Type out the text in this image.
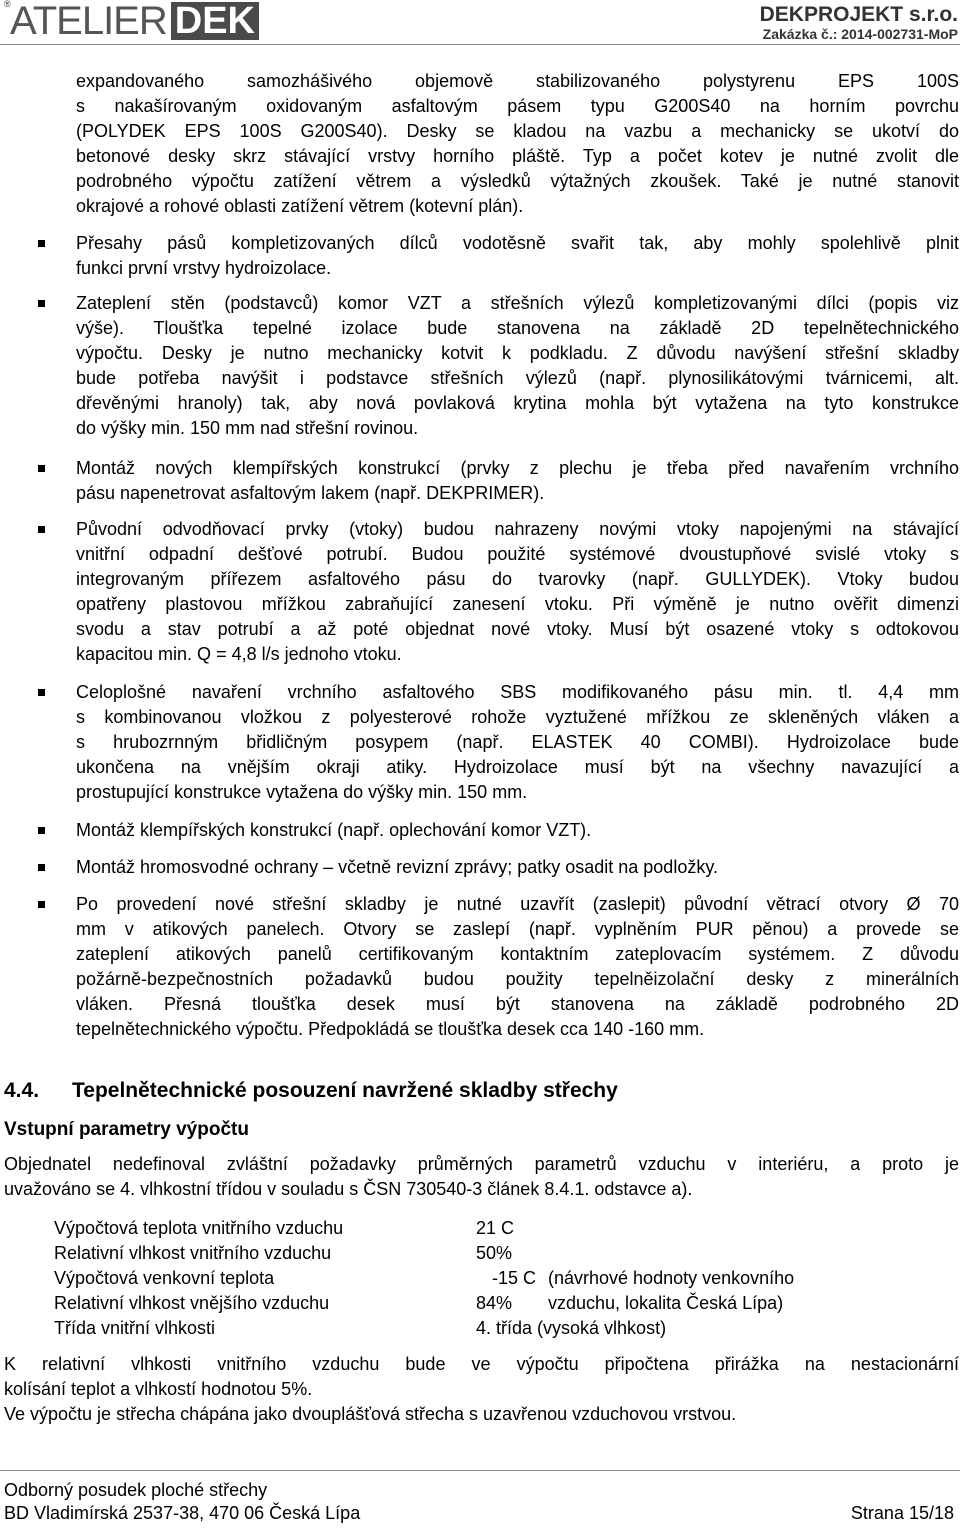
® ATELIER DEK	DEKPROJEKT s.r.o.
Zakázka č.: 2014-002731-MoP
expandovaného samozhášivého objemově stabilizovaného polystyrenu EPS 100S
s nakašírovaným oxidovaným asfaltovým pásem typu G200S40 na horním povrchu
(POLYDEK EPS 100S G200S40). Desky se kladou na vazbu a mechanicky se ukotví do
betonové desky skrz stávající vrstvy horního pláště. Typ a počet kotev je nutné zvolit dle
podrobného výpočtu zatížení větrem a výsledků výtažných zkoušek. Také je nutné stanovit
okrajové a rohové oblasti zatížení větrem (kotevní plán).
Přesahy pásů kompletizovaných dílců vodotěsně svařit tak, aby mohly spolehlivě plnit
funkci první vrstvy hydroizolace.
Zateplení stěn (podstavců) komor VZT a střešních výlezů kompletizovanými dílci (popis viz
výše). Tloušťka tepelné izolace bude stanovena na základě 2D tepelnětechnického
výpočtu. Desky je nutno mechanicky kotvit k podkladu. Z důvodu navýšení střešní skladby
bude potřeba navýšit i podstavce střešních výlezů (např. plynosilikátovými tvárnicemi, alt.
dřevěnými hranoly) tak, aby nová povlaková krytina mohla být vytažena na tyto konstrukce
do výšky min. 150 mm nad střešní rovinou.
Montáž nových klempířských konstrukcí (prvky z plechu je třeba před navařením vrchního
pásu napenetrovat asfaltovým lakem (např. DEKPRIMER).
Původní odvodňovací prvky (vtoky) budou nahrazeny novými vtoky napojenými na stávající
vnitřní odpadní dešťové potrubí. Budou použité systémové dvoustupňové svislé vtoky s
integrovaným přířezem asfaltového pásu do tvarovky (např. GULLYDEK). Vtoky budou
opatřeny plastovou mřížkou zabraňující zanesení vtoku. Při výměně je nutno ověřit dimenzi
svodu a stav potrubí a až poté objednat nové vtoky. Musí být osazené vtoky s odtokovou
kapacitou min. Q = 4,8 l/s jednoho vtoku.
Celoplošné navaření vrchního asfaltového SBS modifikovaného pásu min. tl. 4,4 mm
s kombinovanou vložkou z polyesterové rohože vyztužené mřížkou ze skleněných vláken a
s hrubozrnným břidličným posypem (např. ELASTEK 40 COMBI). Hydroizolace bude
ukončena na vnějším okraji atiky. Hydroizolace musí být na všechny navazující a
prostupující konstrukce vytažena do výšky min. 150 mm.
Montáž klempířských konstrukcí (např. oplechování komor VZT).
Montáž hromosvodné ochrany – včetně revizní zprávy; patky osadit na podložky.
Po provedení nové střešní skladby je nutné uzavřít (zaslepit) původní větrací otvory Ø 70
mm v atikových panelech. Otvory se zaslepí (např. vyplněním PUR pěnou) a provede se
zateplení atikových panelů certifikovaným kontaktním zateplovacím systémem. Z důvodu
požárně-bezpečnostních požadavků budou použity tepelněizolační desky z minerálních
vláken. Přesná tloušťka desek musí být stanovena na základě podrobného 2D
tepelnětechnického výpočtu. Předpokládá se tloušťka desek cca 140 -160 mm.
4.4. Tepelnětechnické posouzení navržené skladby střechy
Vstupní parametry výpočtu
Objednatel nedefinoval zvláštní požadavky průměrných parametrů vzduchu v interiéru, a proto je
uvažováno se 4. vlhkostní třídou v souladu s ČSN 730540-3 článek 8.4.1. odstavce a).
Výpočtová teplota vnitřního vzduchu	21 C
Relativní vlhkost vnitřního vzduchu	50%
Výpočtová venkovní teplota	-15 C (návrhové hodnoty venkovního
Relativní vlhkost vnějšího vzduchu	84%	vzduchu, lokalita Česká Lípa)
Třída vnitřní vlhkosti	4. třída (vysoká vlhkost)
K relativní vlhkosti vnitřního vzduchu bude ve výpočtu připočtena přirážka na nestacionární
kolísání teplot a vlhkostí hodnotou 5%.
Ve výpočtu je střecha chápána jako dvouplášťová střecha s uzavřenou vzduchovou vrstvou.
Odborný posudek ploché střechy
BD Vladimírská 2537-38, 470 06 Česká Lípa	Strana 15/18
